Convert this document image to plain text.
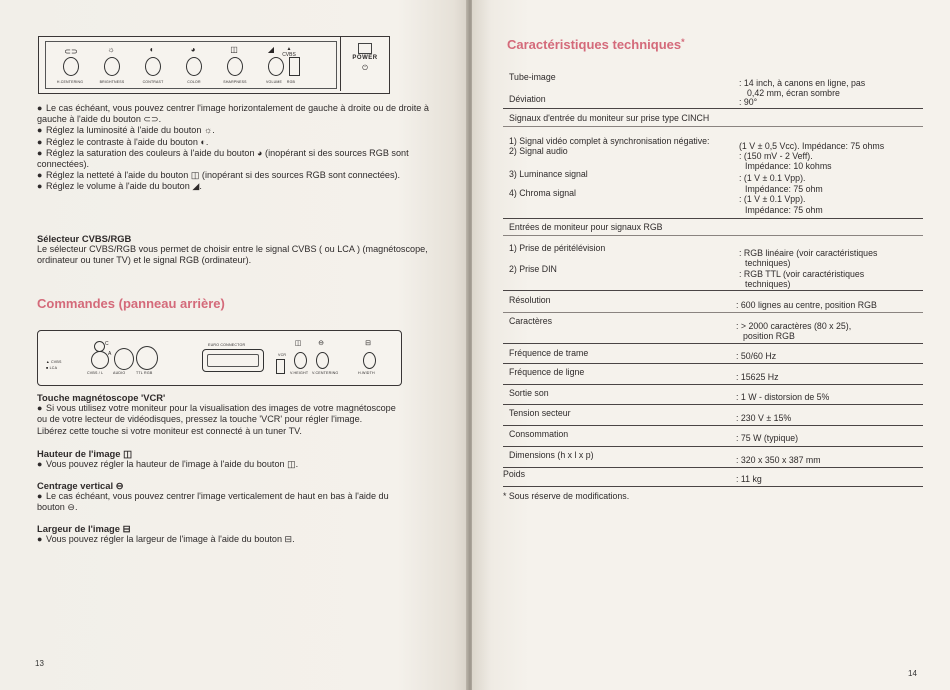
⊂⊃	☼	◐	◕	◫	◢	▲ CVBS
H.CENTERING	BRIGHTNESS	CONTRAST	COLOR	SHARPNESS	VOLUME	RGB
POWER
⏻
● Le cas échéant, vous pouvez centrer l'image horizontalement de gauche à droite ou de droite à gauche à l'aide du bouton ⊂⊃.
● Réglez la luminosité à l'aide du bouton ☼.
● Réglez le contraste à l'aide du bouton ◐.
● Réglez la saturation des couleurs à l'aide du bouton ◕ (inopérant si des sources RGB sont connectées).
● Réglez la netteté à l'aide du bouton ◫ (inopérant si des sources RGB sont connectées).
● Réglez le volume à l'aide du bouton ◢.
Sélecteur CVBS/RGB
Le sélecteur CVBS/RGB vous permet de choisir entre le signal CVBS ( ou LCA ) (magnétoscope, ordinateur ou tuner TV) et le signal RGB (ordinateur).
Commandes (panneau arrière)
▲ CVBS
■ LCA
C
A
CVBS / L	AUDIO	TTL RGB
EURO CONNECTOR
VCR
◫	⊖	⊟
V.HEIGHT V.CENTERING	H.WIDTH
Touche magnétoscope 'VCR'
● Si vous utilisez votre moniteur pour la visualisation des images de votre magnétoscope
ou de votre lecteur de vidéodisques, pressez la touche 'VCR' pour régler l'image.
Libérez cette touche si votre moniteur est connecté à un tuner TV.
Hauteur de l'image ◫
● Vous pouvez régler la hauteur de l'image à l'aide du bouton ◫.
Centrage vertical ⊖
● Le cas échéant, vous pouvez centrer l'image verticalement de haut en bas à l'aide du
bouton ⊖.
Largeur de l'image ⊟
● Vous pouvez régler la largeur de l'image à l'aide du bouton ⊟.
13
Caractéristiques techniques*
Tube-image
: 14 inch, à canons en ligne, pas
0,42 mm, écran sombre
Déviation	: 90°
Signaux d'entrée du moniteur sur prise type CINCH
1) Signal vidéo complet à synchronisation négative:	(1 V ± 0,5 Vcc). Impédance: 75 ohms
2) Signal audio	: (150 mV - 2 Veff).
Impédance: 10 kohms
3) Luminance signal	: (1 V ± 0.1 Vpp).
Impédance: 75 ohm
4) Chroma signal
: (1 V ± 0.1 Vpp).
Impédance: 75 ohm
Entrées de moniteur pour signaux RGB
1) Prise de péritélévision	: RGB linéaire (voir caractéristiques
techniques)
2) Prise DIN	: RGB TTL (voir caractéristiques
techniques)
Résolution	: 600 lignes au centre, position RGB
Caractères	: > 2000 caractères (80 x 25),
position RGB
Fréquence de trame	: 50/60 Hz
Fréquence de ligne	: 15625 Hz
Sortie son	: 1 W - distorsion de 5%
Tension secteur	: 230 V ± 15%
Consommation	: 75 W (typique)
Dimensions (h x l x p)	: 320 x 350 x 387 mm
Poids	: 11 kg
* Sous réserve de modifications.
14
